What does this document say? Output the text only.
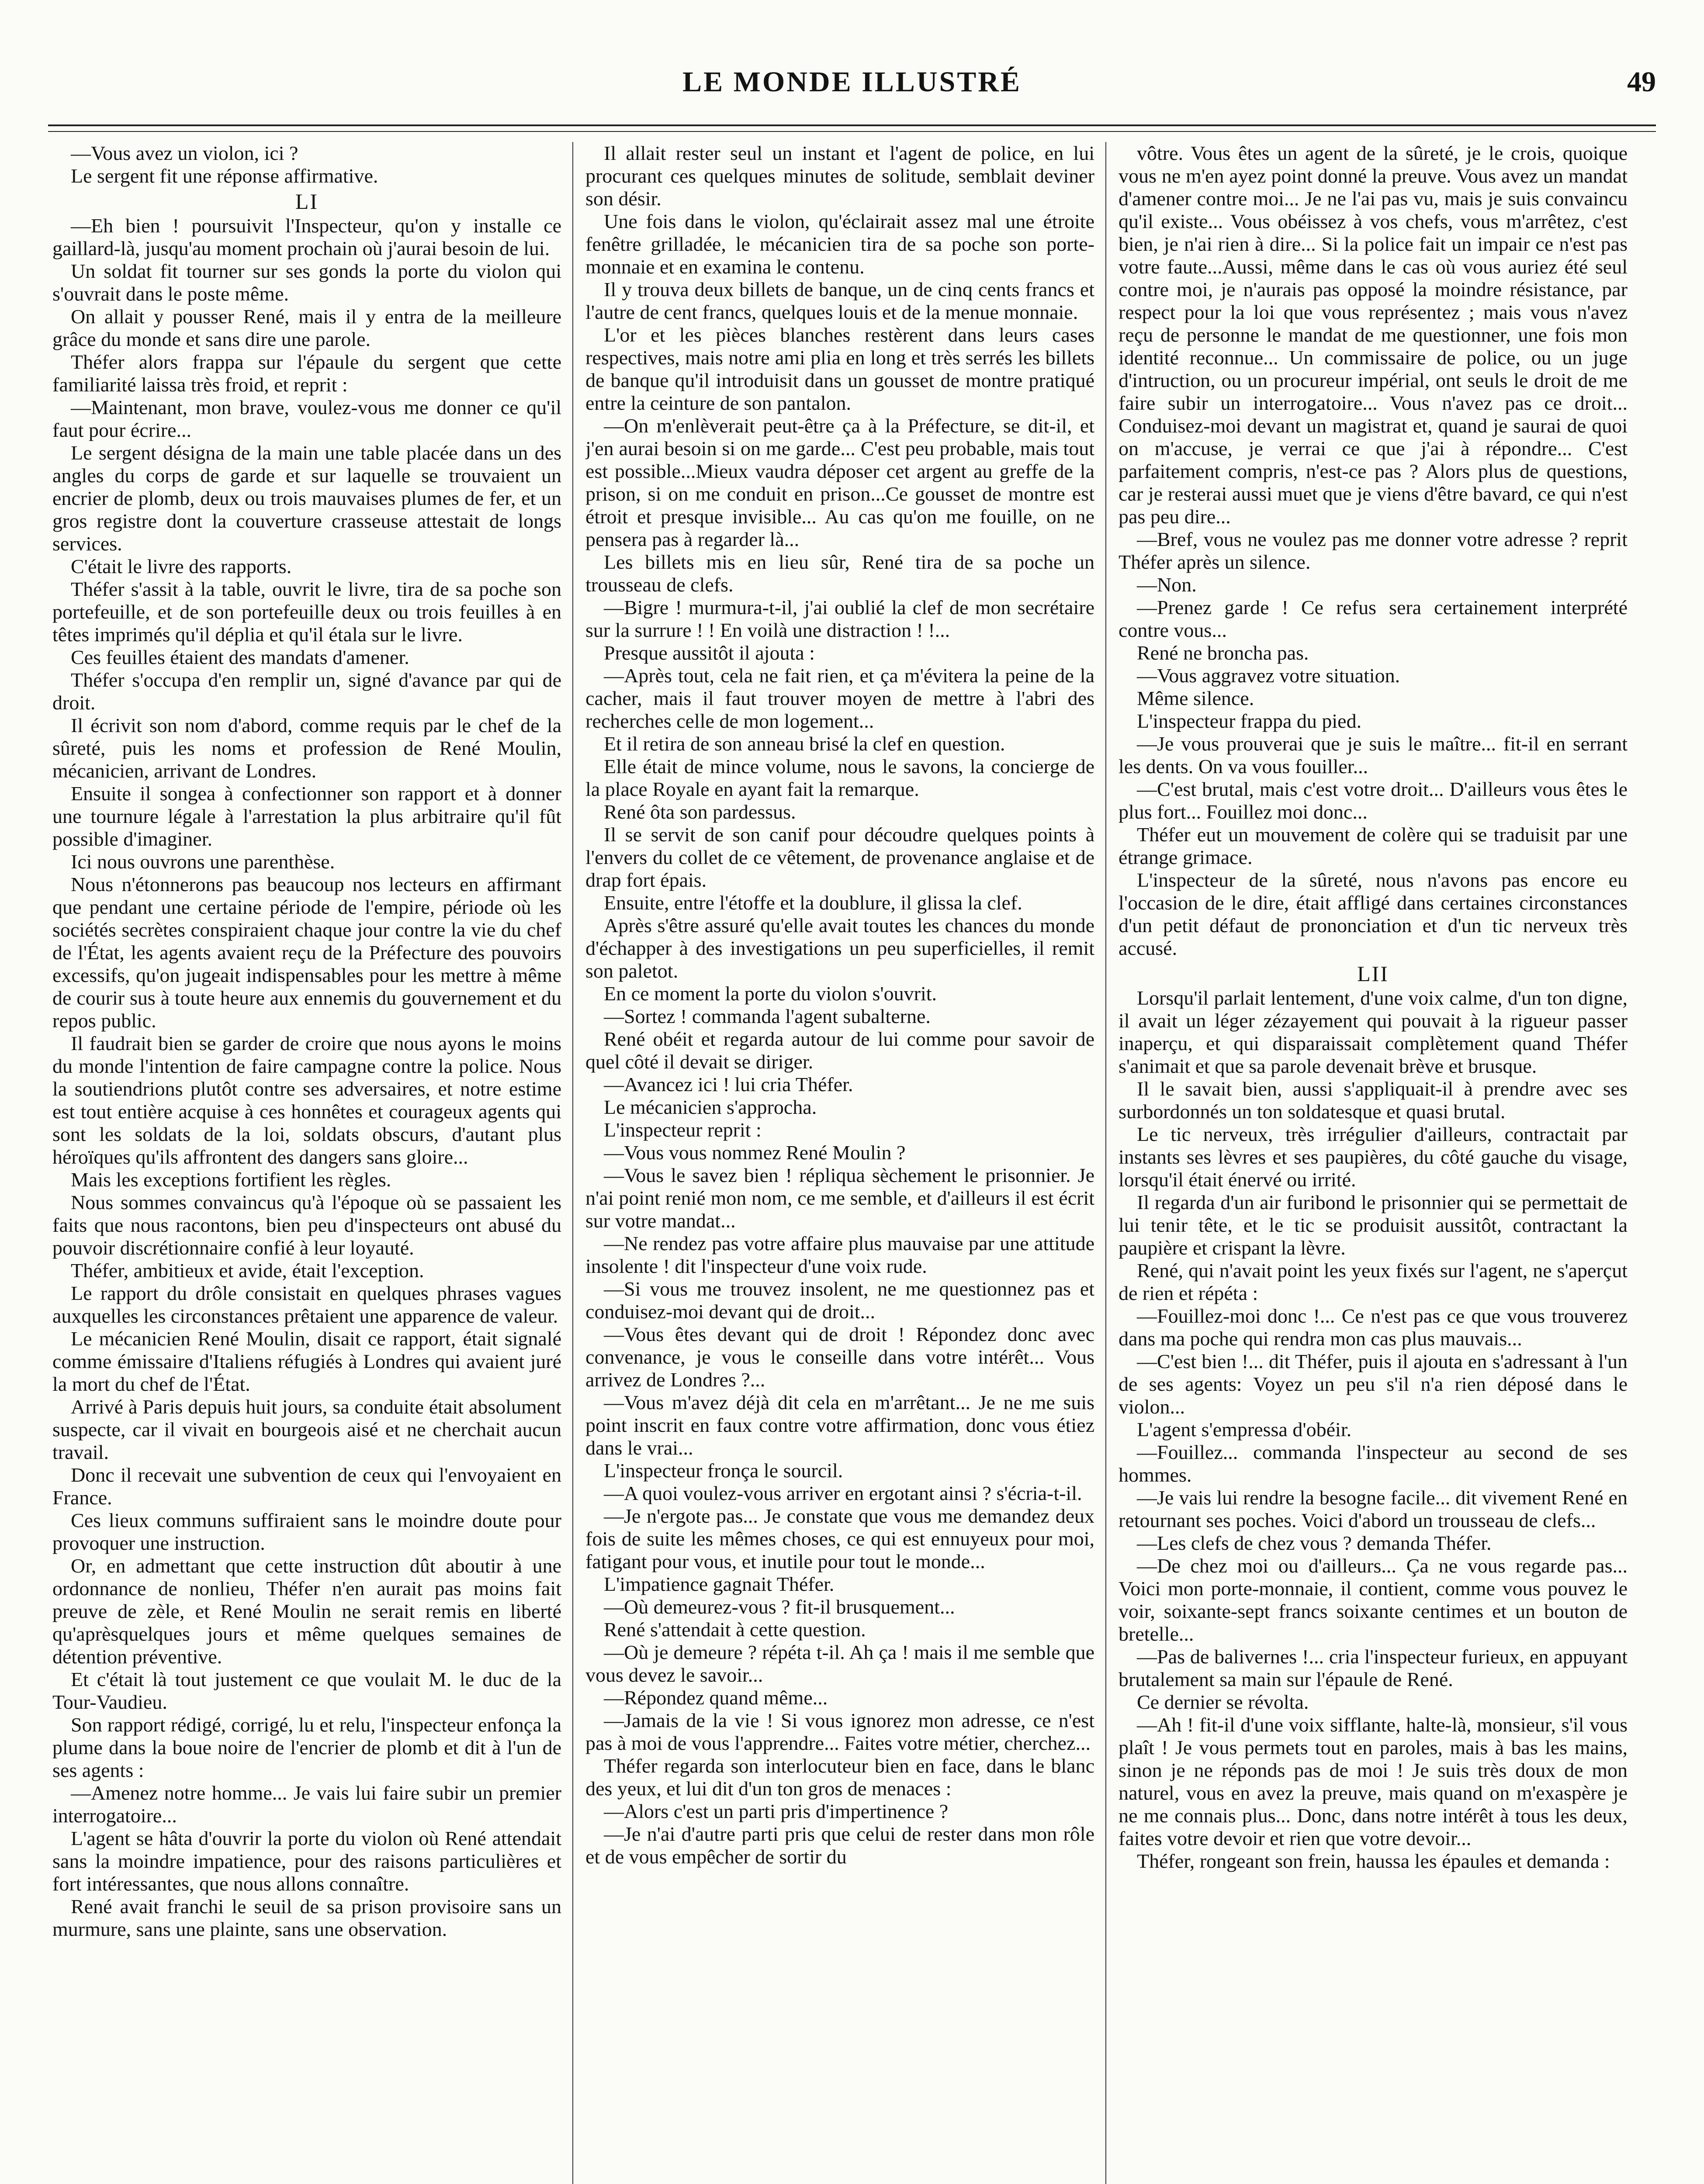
LE MONDE ILLUSTRÉ	49

—Vous avez un violon, ici ?

Le sergent fit une réponse affirmative.

LI

—Eh bien ! poursuivit l'Inspecteur, qu'on y installe ce gaillard-là, jusqu'au moment prochain où j'aurai besoin de lui.

Un soldat fit tourner sur ses gonds la porte du violon qui s'ouvrait dans le poste même.

On allait y pousser René, mais il y entra de la meilleure grâce du monde et sans dire une parole.

Théfer alors frappa sur l'épaule du sergent que cette familiarité laissa très froid, et reprit :

—Maintenant, mon brave, voulez-vous me donner ce qu'il faut pour écrire...

Le sergent désigna de la main une table placée dans un des angles du corps de garde et sur laquelle se trouvaient un encrier de plomb, deux ou trois mauvaises plumes de fer, et un gros registre dont la couverture crasseuse attestait de longs services.

C'était le livre des rapports.

Théfer s'assit à la table, ouvrit le livre, tira de sa poche son portefeuille, et de son portefeuille deux ou trois feuilles à en têtes imprimés qu'il déplia et qu'il étala sur le livre.

Ces feuilles étaient des mandats d'amener.

Théfer s'occupa d'en remplir un, signé d'avance par qui de droit.

Il écrivit son nom d'abord, comme requis par le chef de la sûreté, puis les noms et profession de René Moulin, mécanicien, arrivant de Londres.

Ensuite il songea à confectionner son rapport et à donner une tournure légale à l'arrestation la plus arbitraire qu'il fût possible d'imaginer.

Ici nous ouvrons une parenthèse.

Nous n'étonnerons pas beaucoup nos lecteurs en affirmant que pendant une certaine période de l'empire, période où les sociétés secrètes conspiraient chaque jour contre la vie du chef de l'État, les agents avaient reçu de la Préfecture des pouvoirs excessifs, qu'on jugeait indispensables pour les mettre à même de courir sus à toute heure aux ennemis du gouvernement et du repos public.

Il faudrait bien se garder de croire que nous ayons le moins du monde l'intention de faire campagne contre la police. Nous la soutiendrions plutôt contre ses adversaires, et notre estime est tout entière acquise à ces honnêtes et courageux agents qui sont les soldats de la loi, soldats obscurs, d'autant plus héroïques qu'ils affrontent des dangers sans gloire...

Mais les exceptions fortifient les règles.

Nous sommes convaincus qu'à l'époque où se passaient les faits que nous racontons, bien peu d'inspecteurs ont abusé du pouvoir discrétionnaire confié à leur loyauté.

Théfer, ambitieux et avide, était l'exception.

Le rapport du drôle consistait en quelques phrases vagues auxquelles les circonstances prêtaient une apparence de valeur.

Le mécanicien René Moulin, disait ce rapport, était signalé comme émissaire d'Italiens réfugiés à Londres qui avaient juré la mort du chef de l'État.

Arrivé à Paris depuis huit jours, sa conduite était absolument suspecte, car il vivait en bourgeois aisé et ne cherchait aucun travail.

Donc il recevait une subvention de ceux qui l'envoyaient en France.

Ces lieux communs suffiraient sans le moindre doute pour provoquer une instruction.

Or, en admettant que cette instruction dût aboutir à une ordonnance de nonlieu, Théfer n'en aurait pas moins fait preuve de zèle, et René Moulin ne serait remis en liberté qu'aprèsquelques jours et même quelques semaines de détention préventive.

Et c'était là tout justement ce que voulait M. le duc de la Tour-Vaudieu.

Son rapport rédigé, corrigé, lu et relu, l'inspecteur enfonça la plume dans la boue noire de l'encrier de plomb et dit à l'un de ses agents :

—Amenez notre homme... Je vais lui faire subir un premier interrogatoire...

L'agent se hâta d'ouvrir la porte du violon où René attendait sans la moindre impatience, pour des raisons particulières et fort intéressantes, que nous allons connaître.

René avait franchi le seuil de sa prison provisoire sans un murmure, sans une plainte, sans une observation.

Il allait rester seul un instant et l'agent de police, en lui procurant ces quelques minutes de solitude, semblait deviner son désir.

Une fois dans le violon, qu'éclairait assez mal une étroite fenêtre grilladée, le mécanicien tira de sa poche son porte-monnaie et en examina le contenu.

Il y trouva deux billets de banque, un de cinq cents francs et l'autre de cent francs, quelques louis et de la menue monnaie.

L'or et les pièces blanches restèrent dans leurs cases respectives, mais notre ami plia en long et très serrés les billets de banque qu'il introduisit dans un gousset de montre pratiqué entre la ceinture de son pantalon.

—On m'enlèverait peut-être ça à la Préfecture, se dit-il, et j'en aurai besoin si on me garde... C'est peu probable, mais tout est possible...Mieux vaudra déposer cet argent au greffe de la prison, si on me conduit en prison...Ce gousset de montre est étroit et presque invisible... Au cas qu'on me fouille, on ne pensera pas à regarder là...

Les billets mis en lieu sûr, René tira de sa poche un trousseau de clefs.

—Bigre ! murmura-t-il, j'ai oublié la clef de mon secrétaire sur la surrure ! ! En voilà une distraction ! !...

Presque aussitôt il ajouta :

—Après tout, cela ne fait rien, et ça m'évitera la peine de la cacher, mais il faut trouver moyen de mettre à l'abri des recherches celle de mon logement...

Et il retira de son anneau brisé la clef en question.

Elle était de mince volume, nous le savons, la concierge de la place Royale en ayant fait la remarque.

René ôta son pardessus.

Il se servit de son canif pour découdre quelques points à l'envers du collet de ce vêtement, de provenance anglaise et de drap fort épais.

Ensuite, entre l'étoffe et la doublure, il glissa la clef.

Après s'être assuré qu'elle avait toutes les chances du monde d'échapper à des investigations un peu superficielles, il remit son paletot.

En ce moment la porte du violon s'ouvrit.

—Sortez ! commanda l'agent subalterne.

René obéit et regarda autour de lui comme pour savoir de quel côté il devait se diriger.

—Avancez ici ! lui cria Théfer.

Le mécanicien s'approcha.

L'inspecteur reprit :

—Vous vous nommez René Moulin ?

—Vous le savez bien ! répliqua sèchement le prisonnier. Je n'ai point renié mon nom, ce me semble, et d'ailleurs il est écrit sur votre mandat...

—Ne rendez pas votre affaire plus mauvaise par une attitude insolente ! dit l'inspecteur d'une voix rude.

—Si vous me trouvez insolent, ne me questionnez pas et conduisez-moi devant qui de droit...

—Vous êtes devant qui de droit ! Répondez donc avec convenance, je vous le conseille dans votre intérêt... Vous arrivez de Londres ?...

—Vous m'avez déjà dit cela en m'arrêtant... Je ne me suis point inscrit en faux contre votre affirmation, donc vous étiez dans le vrai...

L'inspecteur fronça le sourcil.

—A quoi voulez-vous arriver en ergotant ainsi ? s'écria-t-il.

—Je n'ergote pas... Je constate que vous me demandez deux fois de suite les mêmes choses, ce qui est ennuyeux pour moi, fatigant pour vous, et inutile pour tout le monde...

L'impatience gagnait Théfer.

—Où demeurez-vous ? fit-il brusquement...

René s'attendait à cette question.

—Où je demeure ? répéta t-il. Ah ça ! mais il me semble que vous devez le savoir...

—Répondez quand même...

—Jamais de la vie ! Si vous ignorez mon adresse, ce n'est pas à moi de vous l'apprendre... Faites votre métier, cherchez...

Théfer regarda son interlocuteur bien en face, dans le blanc des yeux, et lui dit d'un ton gros de menaces :

—Alors c'est un parti pris d'impertinence ?

—Je n'ai d'autre parti pris que celui de rester dans mon rôle et de vous empêcher de sortir du

vôtre. Vous êtes un agent de la sûreté, je le crois, quoique vous ne m'en ayez point donné la preuve. Vous avez un mandat d'amener contre moi... Je ne l'ai pas vu, mais je suis convaincu qu'il existe... Vous obéissez à vos chefs, vous m'arrêtez, c'est bien, je n'ai rien à dire... Si la police fait un impair ce n'est pas votre faute...Aussi, même dans le cas où vous auriez été seul contre moi, je n'aurais pas opposé la moindre résistance, par respect pour la loi que vous représentez ; mais vous n'avez reçu de personne le mandat de me questionner, une fois mon identité reconnue... Un commissaire de police, ou un juge d'intruction, ou un procureur impérial, ont seuls le droit de me faire subir un interrogatoire... Vous n'avez pas ce droit... Conduisez-moi devant un magistrat et, quand je saurai de quoi on m'accuse, je verrai ce que j'ai à répondre... C'est parfaitement compris, n'est-ce pas ? Alors plus de questions, car je resterai aussi muet que je viens d'être bavard, ce qui n'est pas peu dire...

—Bref, vous ne voulez pas me donner votre adresse ? reprit Théfer après un silence.

—Non.

—Prenez garde ! Ce refus sera certainement interprété contre vous...

René ne broncha pas.

—Vous aggravez votre situation.

Même silence.

L'inspecteur frappa du pied.

—Je vous prouverai que je suis le maître... fit-il en serrant les dents. On va vous fouiller...

—C'est brutal, mais c'est votre droit... D'ailleurs vous êtes le plus fort... Fouillez moi donc...

Théfer eut un mouvement de colère qui se traduisit par une étrange grimace.

L'inspecteur de la sûreté, nous n'avons pas encore eu l'occasion de le dire, était affligé dans certaines circonstances d'un petit défaut de prononciation et d'un tic nerveux très accusé.

LII

Lorsqu'il parlait lentement, d'une voix calme, d'un ton digne, il avait un léger zézayement qui pouvait à la rigueur passer inaperçu, et qui disparaissait complètement quand Théfer s'animait et que sa parole devenait brève et brusque.

Il le savait bien, aussi s'appliquait-il à prendre avec ses surbordonnés un ton soldatesque et quasi brutal.

Le tic nerveux, très irrégulier d'ailleurs, contractait par instants ses lèvres et ses paupières, du côté gauche du visage, lorsqu'il était énervé ou irrité.

Il regarda d'un air furibond le prisonnier qui se permettait de lui tenir tête, et le tic se produisit aussitôt, contractant la paupière et crispant la lèvre.

René, qui n'avait point les yeux fixés sur l'agent, ne s'aperçut de rien et répéta :

—Fouillez-moi donc !... Ce n'est pas ce que vous trouverez dans ma poche qui rendra mon cas plus mauvais...

—C'est bien !... dit Théfer, puis il ajouta en s'adressant à l'un de ses agents: Voyez un peu s'il n'a rien déposé dans le violon...

L'agent s'empressa d'obéir.

—Fouillez... commanda l'inspecteur au second de ses hommes.

—Je vais lui rendre la besogne facile... dit vivement René en retournant ses poches. Voici d'abord un trousseau de clefs...

—Les clefs de chez vous ? demanda Théfer.

—De chez moi ou d'ailleurs... Ça ne vous regarde pas... Voici mon porte-monnaie, il contient, comme vous pouvez le voir, soixante-sept francs soixante centimes et un bouton de bretelle...

—Pas de balivernes !... cria l'inspecteur furieux, en appuyant brutalement sa main sur l'épaule de René.

Ce dernier se révolta.

—Ah ! fit-il d'une voix sifflante, halte-là, monsieur, s'il vous plaît ! Je vous permets tout en paroles, mais à bas les mains, sinon je ne réponds pas de moi ! Je suis très doux de mon naturel, vous en avez la preuve, mais quand on m'exaspère je ne me connais plus... Donc, dans notre intérêt à tous les deux, faites votre devoir et rien que votre devoir...

Théfer, rongeant son frein, haussa les épaules et demanda :
